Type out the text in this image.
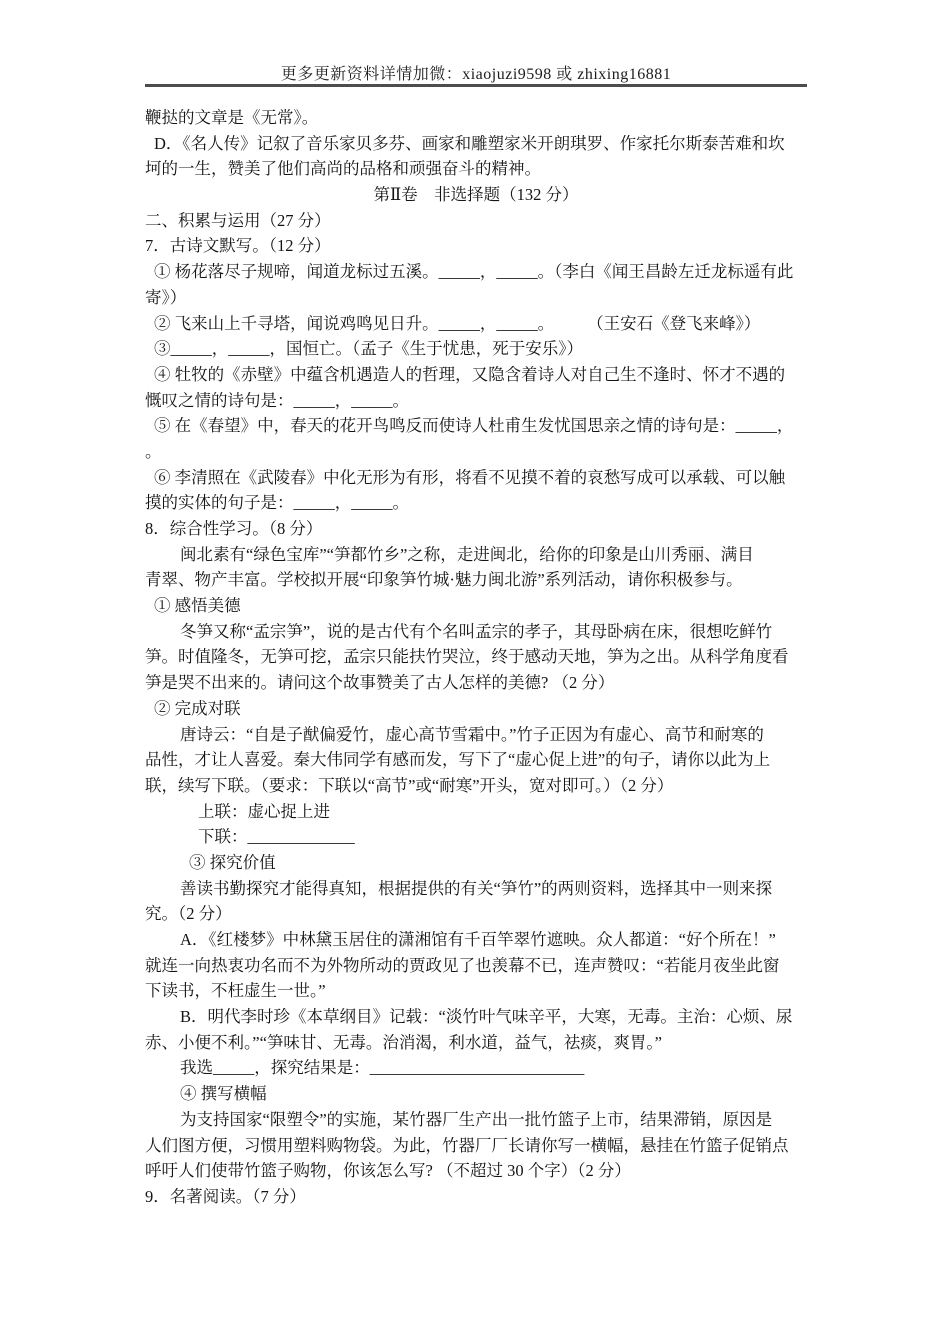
更多更新资料详情加微：xiaojuzi9598 或 zhixing16881
鞭挞的文章是《无常》。
D．《名人传》记叙了音乐家贝多芬、画家和雕塑家米开朗琪罗、作家托尔斯泰苦难和坎
坷的一生，赞美了他们高尚的品格和顽强奋斗的精神。
第Ⅱ卷　非选择题（132 分）
二、积累与运用（27 分）
7．古诗文默写。（12 分）
① 杨花落尽子规啼，闻道龙标过五溪。_____，_____。（李白《闻王昌龄左迁龙标遥有此
寄》）
② 飞来山上千寻塔，闻说鸡鸣见日升。_____，_____。　　　（王安石《登飞来峰》）
③_____，_____，国恒亡。（孟子《生于忧患，死于安乐》）
④ 牡牧的《赤壁》中蕴含机遇造人的哲理，又隐含着诗人对自己生不逢时、怀才不遇的
慨叹之情的诗句是：_____，_____。
⑤ 在《春望》中，春天的花开鸟鸣反而使诗人杜甫生发忧国思亲之情的诗句是：_____，
。
⑥ 李清照在《武陵春》中化无形为有形，将看不见摸不着的哀愁写成可以承载、可以触
摸的实体的句子是：_____，_____。
8．综合性学习。（8 分）
闽北素有“绿色宝库”“笋都竹乡”之称，走进闽北，给你的印象是山川秀丽、满目
青翠、物产丰富。学校拟开展“印象笋竹城·魅力闽北游”系列活动，请你积极参与。
① 感悟美德
冬笋又称“孟宗笋”，说的是古代有个名叫孟宗的孝子，其母卧病在床，很想吃鲜竹
笋。时值隆冬，无笋可挖，孟宗只能扶竹哭泣，终于感动天地，笋为之出。从科学角度看
笋是哭不出来的。请问这个故事赞美了古人怎样的美德? （2 分）
② 完成对联
唐诗云：“自是子猷偏爱竹，虚心高节雪霜中。”竹子正因为有虚心、高节和耐寒的
品性，才让人喜爱。秦大伟同学有感而发，写下了“虚心促上进”的句子，请你以此为上
联，续写下联。（要求：下联以“高节”或“耐寒”开头，宽对即可。）（2 分）
上联：虚心捉上进
下联：_____________
③ 探究价值
善读书勤探究才能得真知，根据提供的有关“笋竹”的两则资料，选择其中一则来探
究。（2 分）
A．《红楼梦》中林黛玉居住的潇湘馆有千百竿翠竹遮映。众人都道：“好个所在！”
就连一向热衷功名而不为外物所动的贾政见了也羡幕不已，连声赞叹：“若能月夜坐此窗
下读书，不枉虚生一世。”
B．明代李时珍《本草纲目》记载：“淡竹叶气味辛平，大寒，无毒。主治：心烦、尿
赤、小便不利。”“笋味甘、无毒。治消渴，利水道，益气，祛痰，爽胃。”
我选_____，探究结果是：__________________________
④ 撰写横幅
为支持国家“限塑令”的实施，某竹器厂生产出一批竹篮子上市，结果滞销，原因是
人们图方便，习惯用塑料购物袋。为此，竹器厂厂长请你写一横幅，悬挂在竹篮子促销点
呼吁人们使带竹篮子购物，你该怎么写? （不超过 30 个字）（2 分）
9．名著阅读。（7 分）
